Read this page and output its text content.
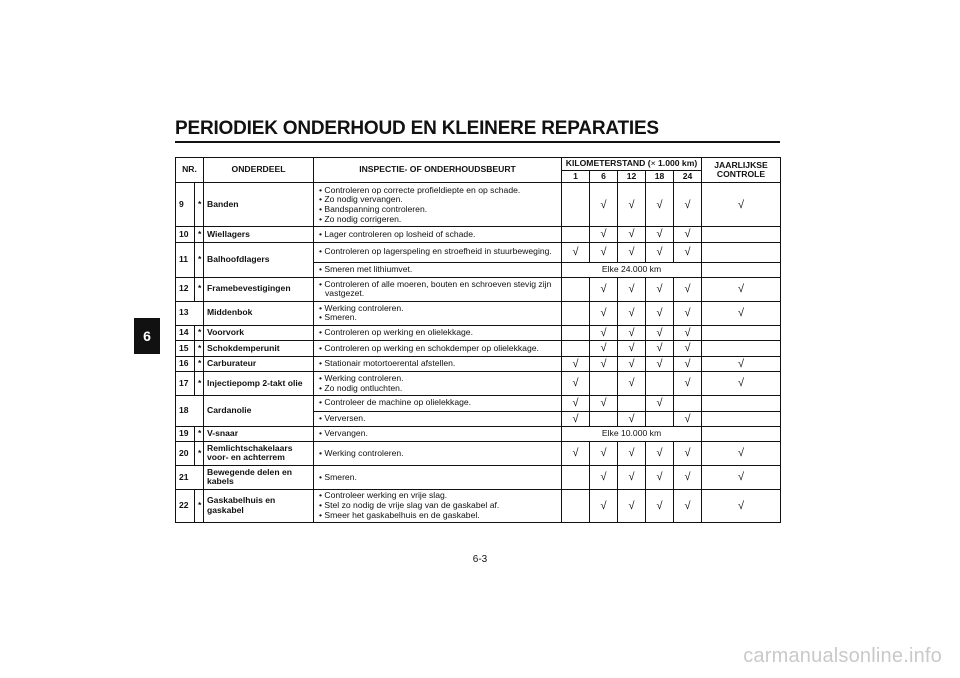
PERIODIEK ONDERHOUD EN KLEINERE REPARATIES
6
NR.		ONDERDEEL	INSPECTIE- OF ONDERHOUDSBEURT	KILOMETERSTAND (× 1.000 km)					JAARLIJKSE
CONTROLE
				1	6	12	18	24	
9	*	Banden	• Controleren op correcte profieldiepte en op schade.
• Zo nodig vervangen.
• Bandspanning controleren.
• Zo nodig corrigeren.		√	√	√	√	√
10	*	Wiellagers	• Lager controleren op losheid of schade.		√	√	√	√	
11	*	Balhoofdlagers	• Controleren op lagerspeling en stroefheid in stuurbeweging.	√	√	√	√	√	

			• Smeren met lithiumvet.	Elke 24.000 km					
12	*	Framebevestigingen	• Controleren of alle moeren, bouten en schroeven stevig zijn vastgezet.		√	√	√	√	√
13		Middenbok	• Werking controleren.
• Smeren.		√	√	√	√	√
14	*	Voorvork	• Controleren op werking en olielekkage.		√	√	√	√	
15	*	Schokdemperunit	• Controleren op werking en schokdemper op olielekkage.		√	√	√	√	
16	*	Carburateur	• Stationair motortoerental afstellen.	√	√	√	√	√	√
17	*	Injectiepomp 2-takt olie	• Werking controleren.
• Zo nodig ontluchten.	√		√		√	√
18		Cardanolie	• Controleer de machine op olielekkage.	√	√		√		

			• Verversen.	√		√		√	
19	*	V-snaar	• Vervangen.	Elke 10.000 km					
20	*	Remlichtschakelaars voor- en achterrem	• Werking controleren.	√	√	√	√	√	√
21		Bewegende delen en kabels	• Smeren.		√	√	√	√	√
22	*	Gaskabelhuis en gaskabel	• Controleer werking en vrije slag.
• Stel zo nodig de vrije slag van de gaskabel af.
• Smeer het gaskabelhuis en de gaskabel.		√	√	√	√	√
6-3
carmanualsonline.info
